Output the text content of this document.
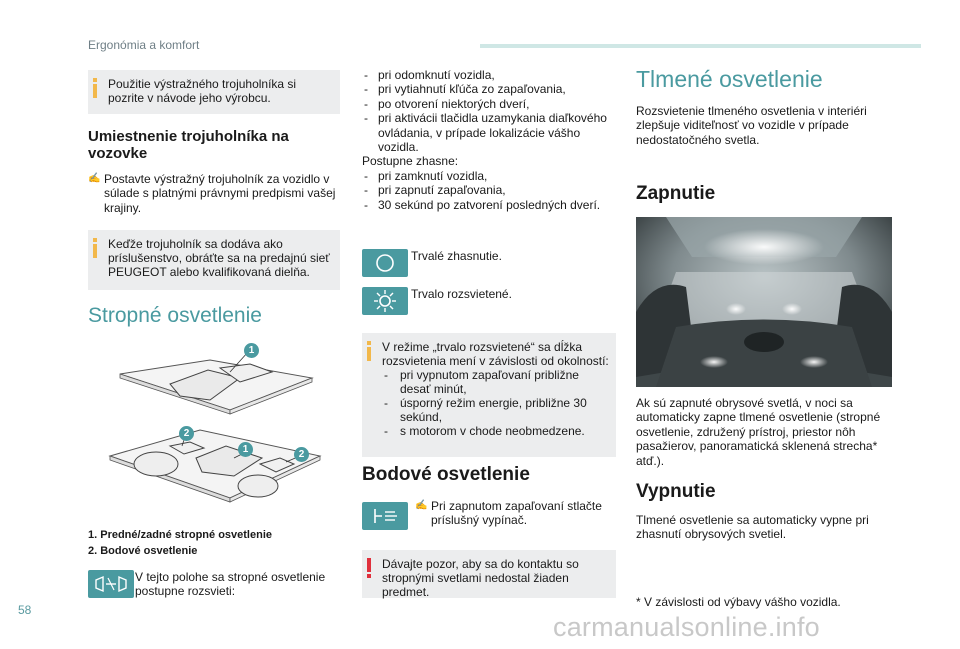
Ergonómia a komfort
Použitie výstražného trojuholníka si pozrite v návode jeho výrobcu.
Umiestnenie trojuholníka na vozovke
✍ Postavte výstražný trojuholník za vozidlo v súlade s platnými právnymi predpismi vašej krajiny.
Keďže trojuholník sa dodáva ako príslušenstvo, obráťte sa na predajnú sieť PEUGEOT alebo kvalifikovaná dielňa.
Stropné osvetlenie
1
2
1	2
1. Predné/zadné stropné osvetlenie
2. Bodové osvetlenie
V tejto polohe sa stropné osvetlenie postupne rozsvieti:
- pri odomknutí vozidla,
- pri vytiahnutí kľúča zo zapaľovania,
- po otvorení niektorých dverí,
- pri aktivácii tlačidla uzamykania diaľkového ovládania, v prípade lokalizácie vášho vozidla.
Postupne zhasne:
- pri zamknutí vozidla,
- pri zapnutí zapaľovania,
- 30 sekúnd po zatvorení posledných dverí.
Trvalé zhasnutie.
Trvalo rozsvietené.
V režime „trvalo rozsvietené“ sa dĺžka rozsvietenia mení v závislosti od okolností:
- pri vypnutom zapaľovaní približne desať minút,
- úsporný režim energie, približne 30 sekúnd,
- s motorom v chode neobmedzene.
Bodové osvetlenie
✍ Pri zapnutom zapaľovaní stlačte príslušný vypínač.
Dávajte pozor, aby sa do kontaktu so stropnými svetlami nedostal žiaden predmet.
Tlmené osvetlenie
Rozsvietenie tlmeného osvetlenia v interiéri zlepšuje viditeľnosť vo vozidle v prípade nedostatočného svetla.
Zapnutie
Ak sú zapnuté obrysové svetlá, v noci sa automaticky zapne tlmené osvetlenie (stropné osvetlenie, združený prístroj, priestor nôh pasažierov, panoramatická sklenená strecha* atď.).
Vypnutie
Tlmené osvetlenie sa automaticky vypne pri zhasnutí obrysových svetiel.
* V závislosti od výbavy vášho vozidla.
58
carmanualsonline.info
